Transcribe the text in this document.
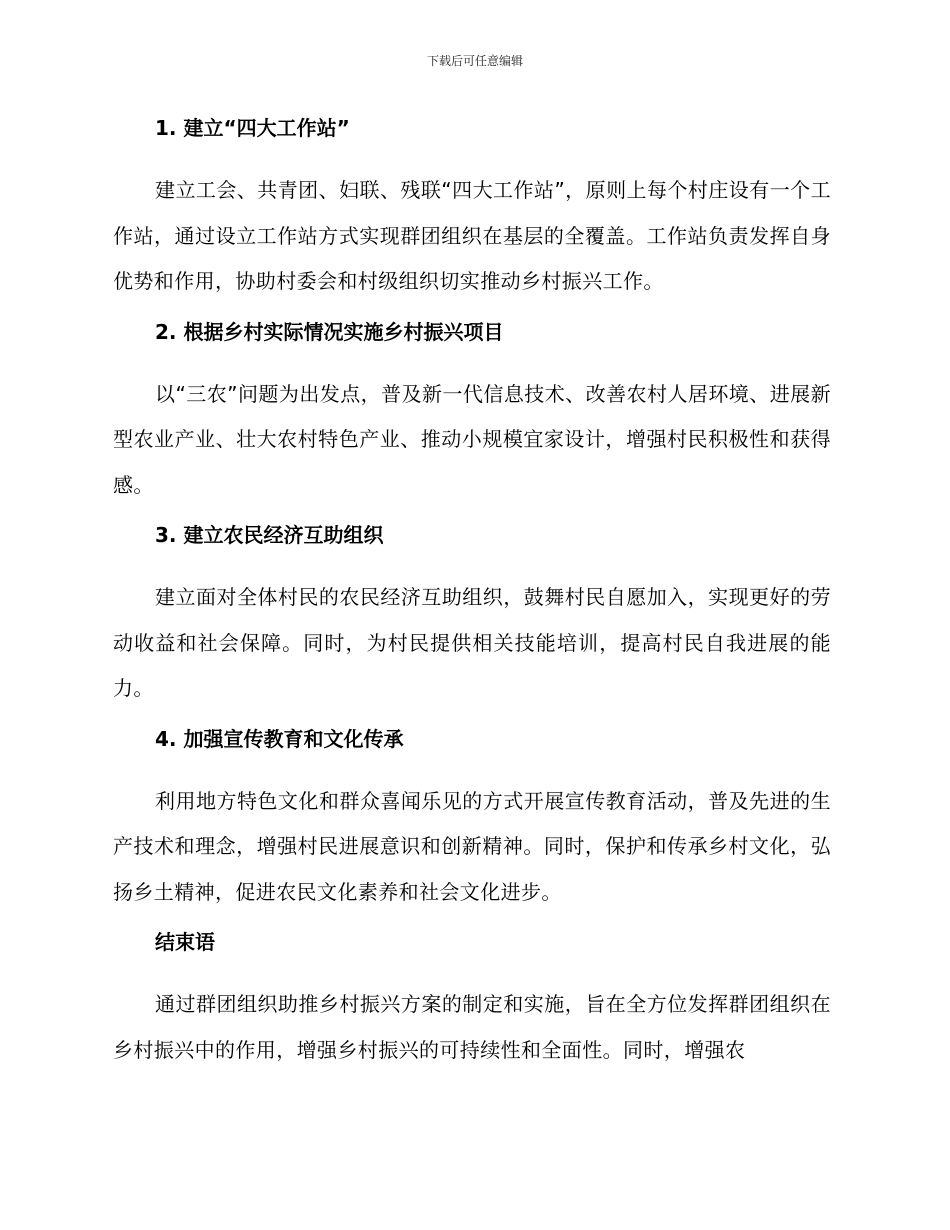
下载后可任意编辑
1. 建立“四大工作站”
建立工会、共青团、妇联、残联“四大工作站”，原则上每个村庄设有一个工作站，通过设立工作站方式实现群团组织在基层的全覆盖。工作站负责发挥自身优势和作用，协助村委会和村级组织切实推动乡村振兴工作。
2. 根据乡村实际情况实施乡村振兴项目
以“三农”问题为出发点，普及新一代信息技术、改善农村人居环境、进展新型农业产业、壮大农村特色产业、推动小规模宜家设计，增强村民积极性和获得感。
3. 建立农民经济互助组织
建立面对全体村民的农民经济互助组织，鼓舞村民自愿加入，实现更好的劳动收益和社会保障。同时，为村民提供相关技能培训，提高村民自我进展的能力。
4. 加强宣传教育和文化传承
利用地方特色文化和群众喜闻乐见的方式开展宣传教育活动，普及先进的生产技术和理念，增强村民进展意识和创新精神。同时，保护和传承乡村文化，弘扬乡土精神，促进农民文化素养和社会文化进步。
结束语
通过群团组织助推乡村振兴方案的制定和实施，旨在全方位发挥群团组织在乡村振兴中的作用，增强乡村振兴的可持续性和全面性。同时，增强农
